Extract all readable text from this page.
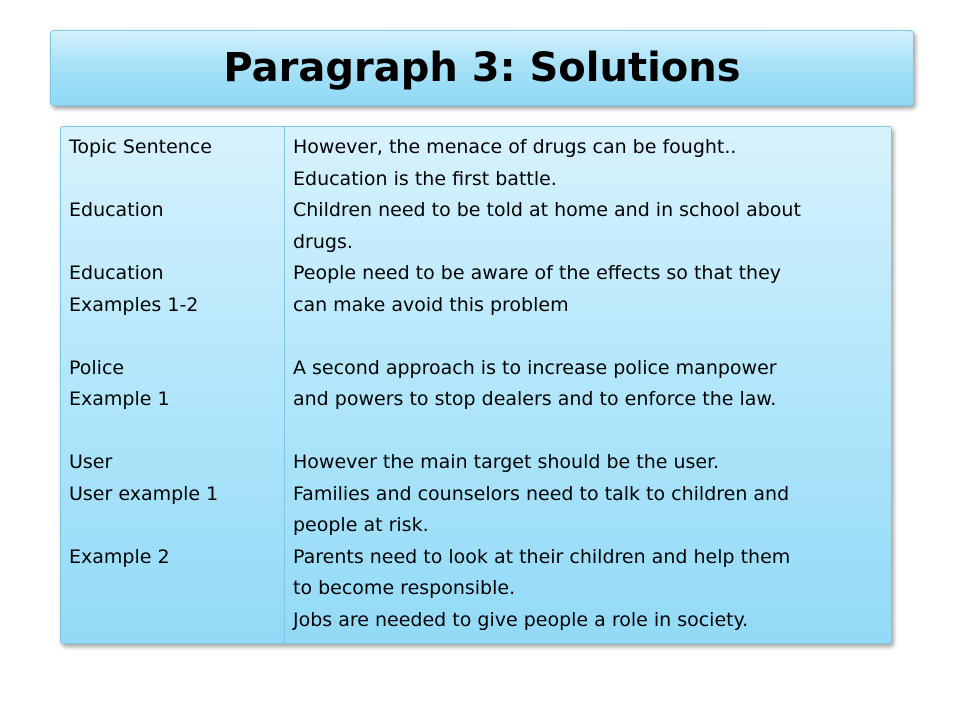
Paragraph 3: Solutions
Topic Sentence
Education
Education
Examples 1-2
Police
Example 1
User
User example 1
Example 2
However, the menace of drugs can be fought..
Education is the first battle.
Children need to be told at home and in school about
drugs.
People need to be aware of the effects so that they
can make avoid this problem
A second approach is to increase police manpower
and powers to stop dealers and to enforce the law.
However the main target should be the user.
Families and counselors need to talk to children and
people at risk.
Parents need to look at their children and help them
to become responsible.
Jobs are needed to give people a role in society.
